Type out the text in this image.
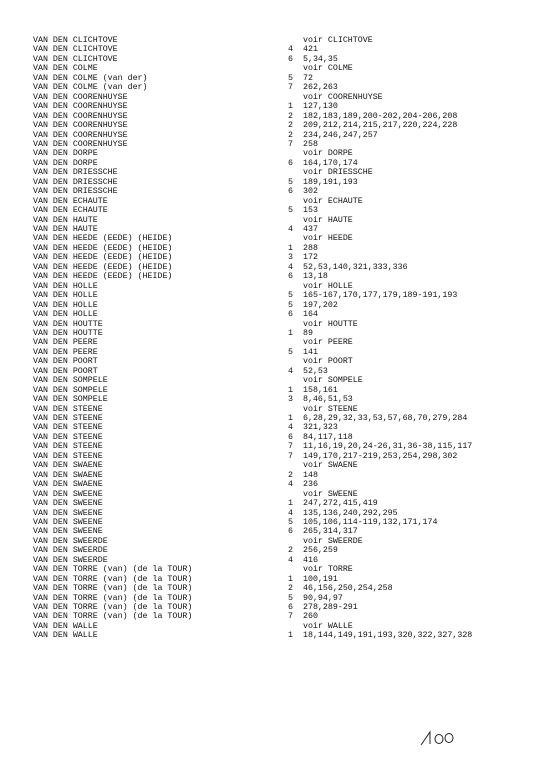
VAN DEN CLICHTOVE	voir CLICHTOVE
VAN DEN CLICHTOVE	4 421
VAN DEN CLICHTOVE	6 5,34,35
VAN DEN COLME	voir COLME
VAN DEN COLME (van der)	5 72
VAN DEN COLME (van der)	7 262,263
VAN DEN COORENHUYSE	voir COORENHUYSE
VAN DEN COORENHUYSE	1 127,130
VAN DEN COORENHUYSE	2 182,183,189,200-202,204-206,208
VAN DEN COORENHUYSE	2 209,212,214,215,217,220,224,228
VAN DEN COORENHUYSE	2 234,246,247,257
VAN DEN COORENHUYSE	7 258
VAN DEN DORPE	voir DORPE
VAN DEN DORPE	6 164,170,174
VAN DEN DRIESSCHE	voir DRIESSCHE
VAN DEN DRIESSCHE	5 189,191,193
VAN DEN DRIESSCHE	6 302
VAN DEN ECHAUTE	voir ECHAUTE
VAN DEN ECHAUTE	5 153
VAN DEN HAUTE	voir HAUTE
VAN DEN HAUTE	4 437
VAN DEN HEEDE (EEDE) (HEIDE)	voir HEEDE
VAN DEN HEEDE (EEDE) (HEIDE)	1 288
VAN DEN HEEDE (EEDE) (HEIDE)	3 172
VAN DEN HEEDE (EEDE) (HEIDE)	4 52,53,140,321,333,336
VAN DEN HEEDE (EEDE) (HEIDE)	6 13,18
VAN DEN HOLLE	voir HOLLE
VAN DEN HOLLE	5 165-167,170,177,179,189-191,193
VAN DEN HOLLE	5 197,202
VAN DEN HOLLE	6 164
VAN DEN HOUTTE	voir HOUTTE
VAN DEN HOUTTE	1 89
VAN DEN PEERE	voir PEERE
VAN DEN PEERE	5 141
VAN DEN POORT	voir POORT
VAN DEN POORT	4 52,53
VAN DEN SOMPELE	voir SOMPELE
VAN DEN SOMPELE	1 158,161
VAN DEN SOMPELE	3 8,46,51,53
VAN DEN STEENE	voir STEENE
VAN DEN STEENE	1 6,28,29,32,33,53,57,68,70,279,284
VAN DEN STEENE	4 321,323
VAN DEN STEENE	6 84,117,118
VAN DEN STEENE	7 11,16,19,20,24-26,31,36-38,115,117
VAN DEN STEENE	7 149,170,217-219,253,254,298,302
VAN DEN SWAENE	voir SWAENE
VAN DEN SWAENE	2 148
VAN DEN SWAENE	4 236
VAN DEN SWEENE	voir SWEENE
VAN DEN SWEENE	1 247,272,415,419
VAN DEN SWEENE	4 135,136,240,292,295
VAN DEN SWEENE	5 105,106,114-119,132,171,174
VAN DEN SWEENE	6 265,314,317
VAN DEN SWEERDE	voir SWEERDE
VAN DEN SWEERDE	2 256,259
VAN DEN SWEERDE	4 416
VAN DEN TORRE (van) (de la TOUR)	voir TORRE
VAN DEN TORRE (van) (de la TOUR)	1 100,191
VAN DEN TORRE (van) (de la TOUR)	2 46,156,250,254,258
VAN DEN TORRE (van) (de la TOUR)	5 90,94,97
VAN DEN TORRE (van) (de la TOUR)	6 278,289-291
VAN DEN TORRE (van) (de la TOUR)	7 260
VAN DEN WALLE	voir WALLE
VAN DEN WALLE	1 18,144,149,191,193,320,322,327,328
